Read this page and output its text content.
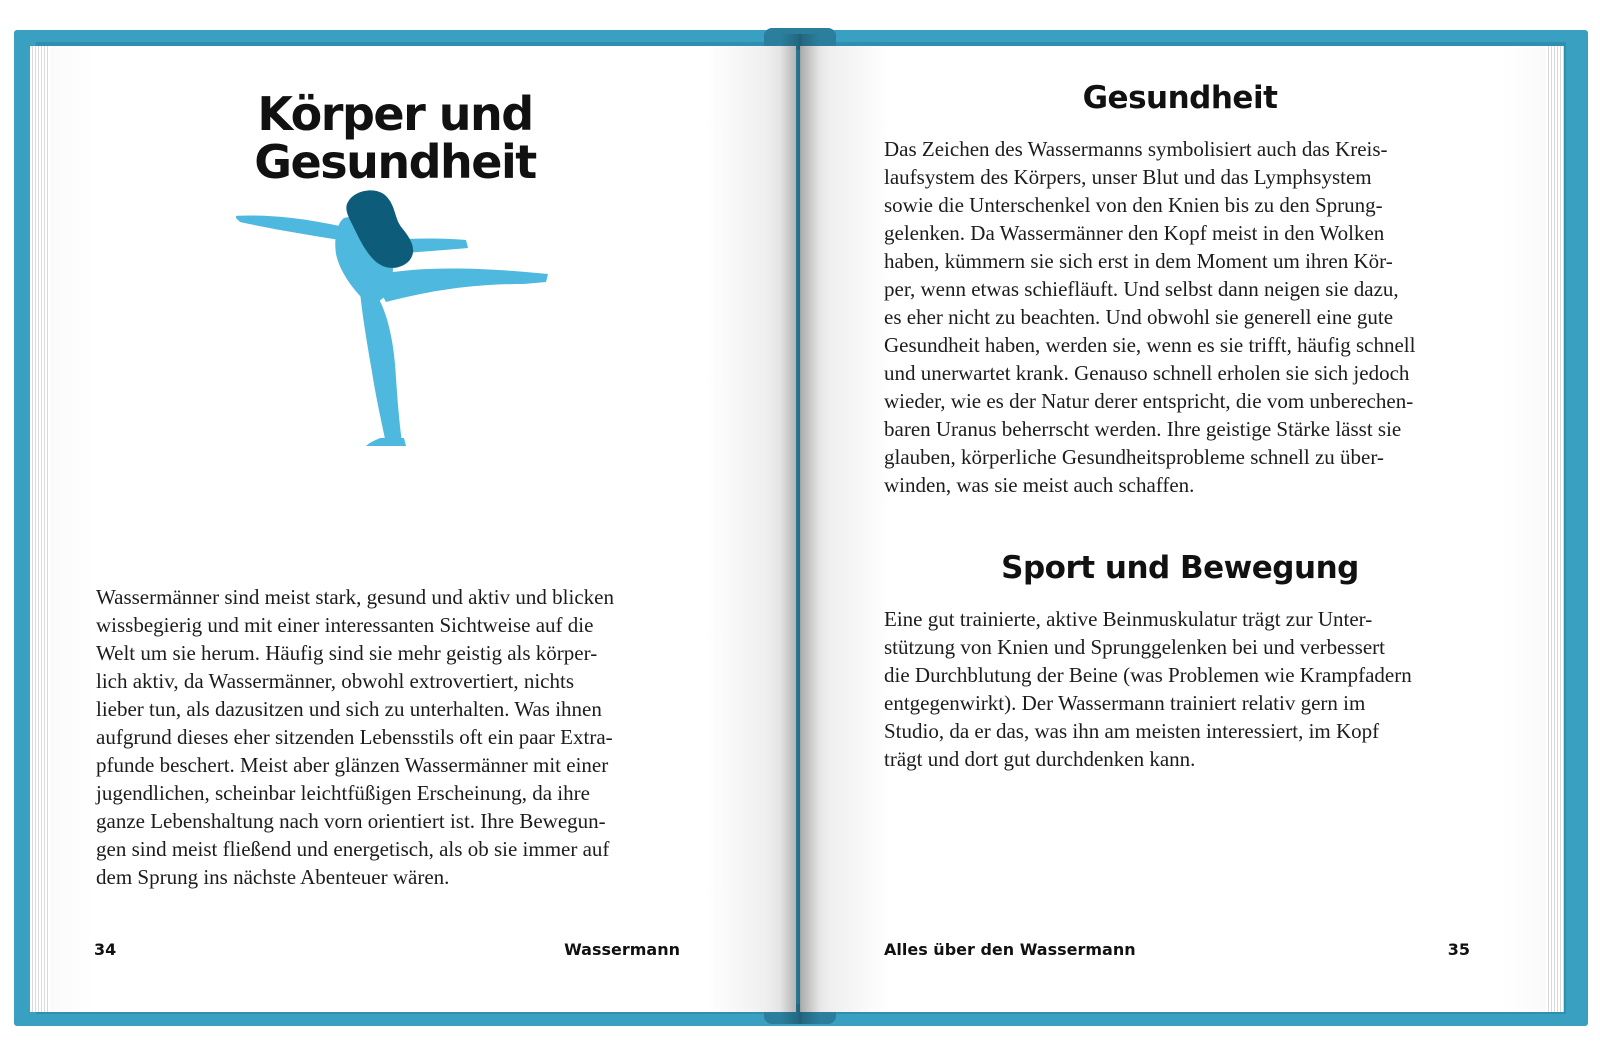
Körper und
Gesundheit

Wassermänner sind meist stark, gesund und aktiv und blicken
wissbegierig und mit einer interessanten Sichtweise auf die
Welt um sie herum. Häufig sind sie mehr geistig als körper-
lich aktiv, da Wassermänner, obwohl extrovertiert, nichts
lieber tun, als dazusitzen und sich zu unterhalten. Was ihnen
aufgrund dieses eher sitzenden Lebensstils oft ein paar Extra-
pfunde beschert. Meist aber glänzen Wassermänner mit einer
jugendlichen, scheinbar leichtfüßigen Erscheinung, da ihre
ganze Lebenshaltung nach vorn orientiert ist. Ihre Bewegun-
gen sind meist fließend und energetisch, als ob sie immer auf
dem Sprung ins nächste Abenteuer wären.

34	Wassermann
Gesundheit

Das Zeichen des Wassermanns symbolisiert auch das Kreis-
laufsystem des Körpers, unser Blut und das Lymphsystem
sowie die Unterschenkel von den Knien bis zu den Sprung-
gelenken. Da Wassermänner den Kopf meist in den Wolken
haben, kümmern sie sich erst in dem Moment um ihren Kör-
per, wenn etwas schiefläuft. Und selbst dann neigen sie dazu,
es eher nicht zu beachten. Und obwohl sie generell eine gute
Gesundheit haben, werden sie, wenn es sie trifft, häufig schnell
und unerwartet krank. Genauso schnell erholen sie sich jedoch
wieder, wie es der Natur derer entspricht, die vom unberechen-
baren Uranus beherrscht werden. Ihre geistige Stärke lässt sie
glauben, körperliche Gesundheitsprobleme schnell zu über-
winden, was sie meist auch schaffen.

Sport und Bewegung

Eine gut trainierte, aktive Beinmuskulatur trägt zur Unter-
stützung von Knien und Sprunggelenken bei und verbessert
die Durchblutung der Beine (was Problemen wie Krampfadern
entgegenwirkt). Der Wassermann trainiert relativ gern im
Studio, da er das, was ihn am meisten interessiert, im Kopf
trägt und dort gut durchdenken kann.

Alles über den Wassermann	35
